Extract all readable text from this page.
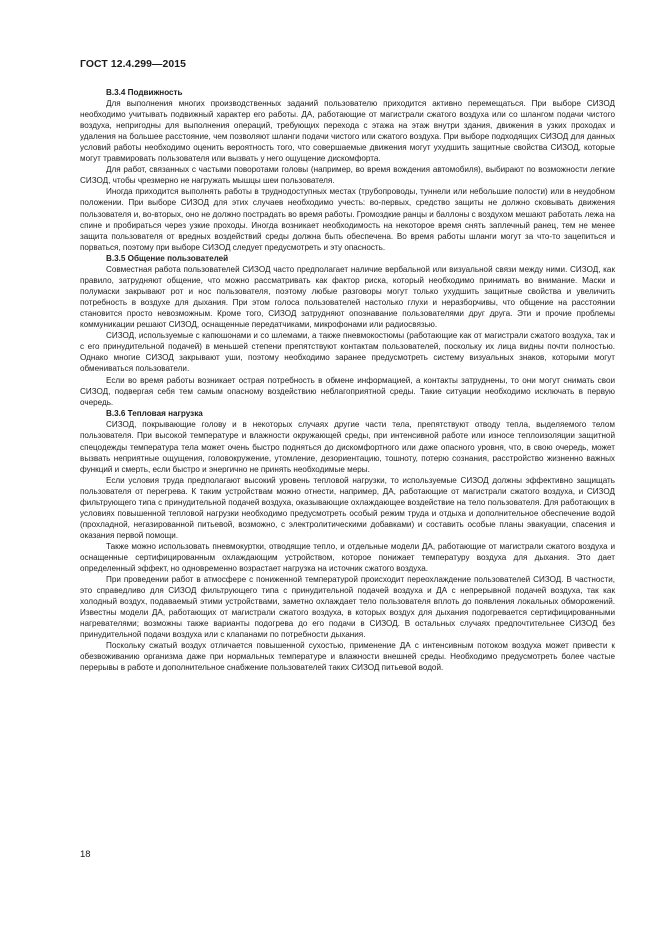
ГОСТ 12.4.299—2015
В.3.4 Подвижность

Для выполнения многих производственных заданий пользователю приходится активно перемещаться. При выборе СИЗОД необходимо учитывать подвижный характер его работы. ДА, работающие от магистрали сжатого воздуха или со шлангом подачи чистого воздуха, непригодны для выполнения операций, требующих перехода с этажа на этаж внутри здания, движения в узких проходах и удаления на большее расстояние, чем позволяют шланги подачи чистого или сжатого воздуха. При выборе подходящих СИЗОД для данных условий работы необходимо оценить вероятность того, что совершаемые движения могут ухудшить защитные свойства СИЗОД, которые могут травмировать пользователя или вызвать у него ощущение дискомфорта.

Для работ, связанных с частыми поворотами головы (например, во время вождения автомобиля), выбирают по возможности легкие СИЗОД, чтобы чрезмерно не нагружать мышцы шеи пользователя.

Иногда приходится выполнять работы в труднодоступных местах (трубопроводы, туннели или небольшие полости) или в неудобном положении. При выборе СИЗОД для этих случаев необходимо учесть: во-первых, средство защиты не должно сковывать движения пользователя и, во-вторых, оно не должно пострадать во время работы. Громоздкие ранцы и баллоны с воздухом мешают работать лежа на спине и пробираться через узкие проходы. Иногда возникает необходимость на некоторое время снять заплечный ранец, тем не менее защита пользователя от вредных воздействий среды должна быть обеспечена. Во время работы шланги могут за что-то зацепиться и порваться, поэтому при выборе СИЗОД следует предусмотреть и эту опасность.

В.3.5 Общение пользователей

Совместная работа пользователей СИЗОД часто предполагает наличие вербальной или визуальной связи между ними. СИЗОД, как правило, затрудняют общение, что можно рассматривать как фактор риска, который необходимо принимать во внимание. Маски и полумаски закрывают рот и нос пользователя, поэтому любые разговоры могут только ухудшить защитные свойства и увеличить потребность в воздухе для дыхания. При этом голоса пользователей настолько глухи и неразборчивы, что общение на расстоянии становится просто невозможным. Кроме того, СИЗОД затрудняют опознавание пользователями друг друга. Эти и прочие проблемы коммуникации решают СИЗОД, оснащенные передатчиками, микрофонами или радиосвязью.

СИЗОД, используемые с капюшонами и со шлемами, а также пневмокостюмы (работающие как от магистрали сжатого воздуха, так и с его принудительной подачей) в меньшей степени препятствуют контактам пользователей, поскольку их лица видны почти полностью. Однако многие СИЗОД закрывают уши, поэтому необходимо заранее предусмотреть систему визуальных знаков, которыми могут обмениваться пользователи.

Если во время работы возникает острая потребность в обмене информацией, а контакты затруднены, то они могут снимать свои СИЗОД, подвергая себя тем самым опасному воздействию неблагоприятной среды. Такие ситуации необходимо исключать в первую очередь.

В.3.6 Тепловая нагрузка

СИЗОД, покрывающие голову и в некоторых случаях другие части тела, препятствуют отводу тепла, выделяемого телом пользователя. При высокой температуре и влажности окружающей среды, при интенсивной работе или износе теплоизоляции защитной спецодежды температура тела может очень быстро подняться до дискомфортного или даже опасного уровня, что, в свою очередь, может вызвать неприятные ощущения, головокружение, утомление, дезориентацию, тошноту, потерю сознания, расстройство жизненно важных функций и смерть, если быстро и энергично не принять необходимые меры.

Если условия труда предполагают высокий уровень тепловой нагрузки, то используемые СИЗОД должны эффективно защищать пользователя от перегрева. К таким устройствам можно отнести, например, ДА, работающие от магистрали сжатого воздуха, и СИЗОД фильтрующего типа с принудительной подачей воздуха, оказывающие охлаждающее воздействие на тело пользователя. Для работающих в условиях повышенной тепловой нагрузки необходимо предусмотреть особый режим труда и отдыха и дополнительное обеспечение водой (прохладной, негазированной питьевой, возможно, с электролитическими добавками) и составить особые планы эвакуации, спасения и оказания первой помощи.

Также можно использовать пневмокуртки, отводящие тепло, и отдельные модели ДА, работающие от магистрали сжатого воздуха и оснащенные сертифицированным охлаждающим устройством, которое понижает температуру воздуха для дыхания. Это дает определенный эффект, но одновременно возрастает нагрузка на источник сжатого воздуха.

При проведении работ в атмосфере с пониженной температурой происходит переохлаждение пользователей СИЗОД. В частности, это справедливо для СИЗОД фильтрующего типа с принудительной подачей воздуха и ДА с непрерывной подачей воздуха, так как холодный воздух, подаваемый этими устройствами, заметно охлаждает тело пользователя вплоть до появления локальных обморожений. Известны модели ДА, работающих от магистрали сжатого воздуха, в которых воздух для дыхания подогревается сертифицированными нагревателями; возможны также варианты подогрева до его подачи в СИЗОД. В остальных случаях предпочтительнее СИЗОД без принудительной подачи воздуха или с клапанами по потребности дыхания.

Поскольку сжатый воздух отличается повышенной сухостью, применение ДА с интенсивным потоком воздуха может привести к обезвоживанию организма даже при нормальных температуре и влажности внешней среды. Необходимо предусмотреть более частые перерывы в работе и дополнительное снабжение пользователей таких СИЗОД питьевой водой.

18
